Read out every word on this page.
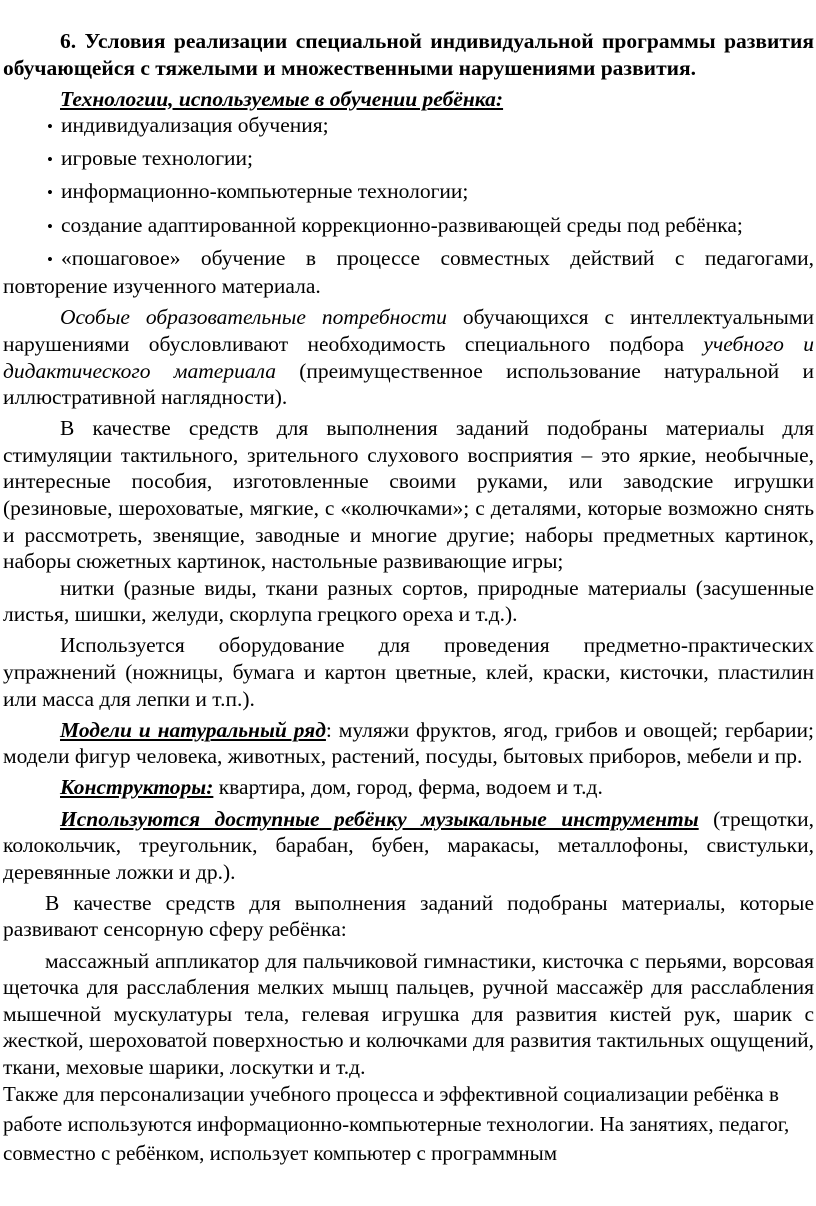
6. Условия реализации специальной индивидуальной программы развития обучающейся с тяжелыми и множественными нарушениями развития.

Технологии, используемые в обучении ребёнка:

• индивидуализация обучения;
• игровые технологии;
• информационно-компьютерные технологии;
• создание адаптированной коррекционно-развивающей среды под ребёнка;
• «пошаговое» обучение в процессе совместных действий с педагогами, повторение изученного материала.

Особые образовательные потребности обучающихся с интеллектуальными нарушениями обусловливают необходимость специального подбора учебного и дидактического материала (преимущественное использование натуральной и иллюстративной наглядности).

В качестве средств для выполнения заданий подобраны материалы для стимуляции тактильного, зрительного слухового восприятия – это яркие, необычные, интересные пособия, изготовленные своими руками, или заводские игрушки (резиновые, шероховатые, мягкие, с «колючками»; с деталями, которые возможно снять и рассмотреть, звенящие, заводные и многие другие; наборы предметных картинок, наборы сюжетных картинок, настольные развивающие игры;

нитки (разные виды, ткани разных сортов, природные материалы (засушенные листья, шишки, желуди, скорлупа грецкого ореха и т.д.).

Используется оборудование для проведения предметно-практических упражнений (ножницы, бумага и картон цветные, клей, краски, кисточки, пластилин или масса для лепки и т.п.).

Модели и натуральный ряд: муляжи фруктов, ягод, грибов и овощей; гербарии; модели фигур человека, животных, растений, посуды, бытовых приборов, мебели и пр.

Конструкторы: квартира, дом, город, ферма, водоем и т.д.

Используются доступные ребёнку музыкальные инструменты (трещотки, колокольчик, треугольник, барабан, бубен, маракасы, металлофоны, свистульки, деревянные ложки и др.).

В качестве средств для выполнения заданий подобраны материалы, которые развивают сенсорную сферу ребёнка:

массажный аппликатор для пальчиковой гимнастики, кисточка с перьями, ворсовая щеточка для расслабления мелких мышц пальцев, ручной массажёр для расслабления мышечной мускулатуры тела, гелевая игрушка для развития кистей рук, шарик с жесткой, шероховатой поверхностью и колючками для развития тактильных ощущений, ткани, меховые шарики, лоскутки и т.д.

Также для персонализации учебного процесса и эффективной социализации ребёнка в работе используются информационно-компьютерные технологии. На занятиях, педагог, совместно с ребёнком, использует компьютер с программным
